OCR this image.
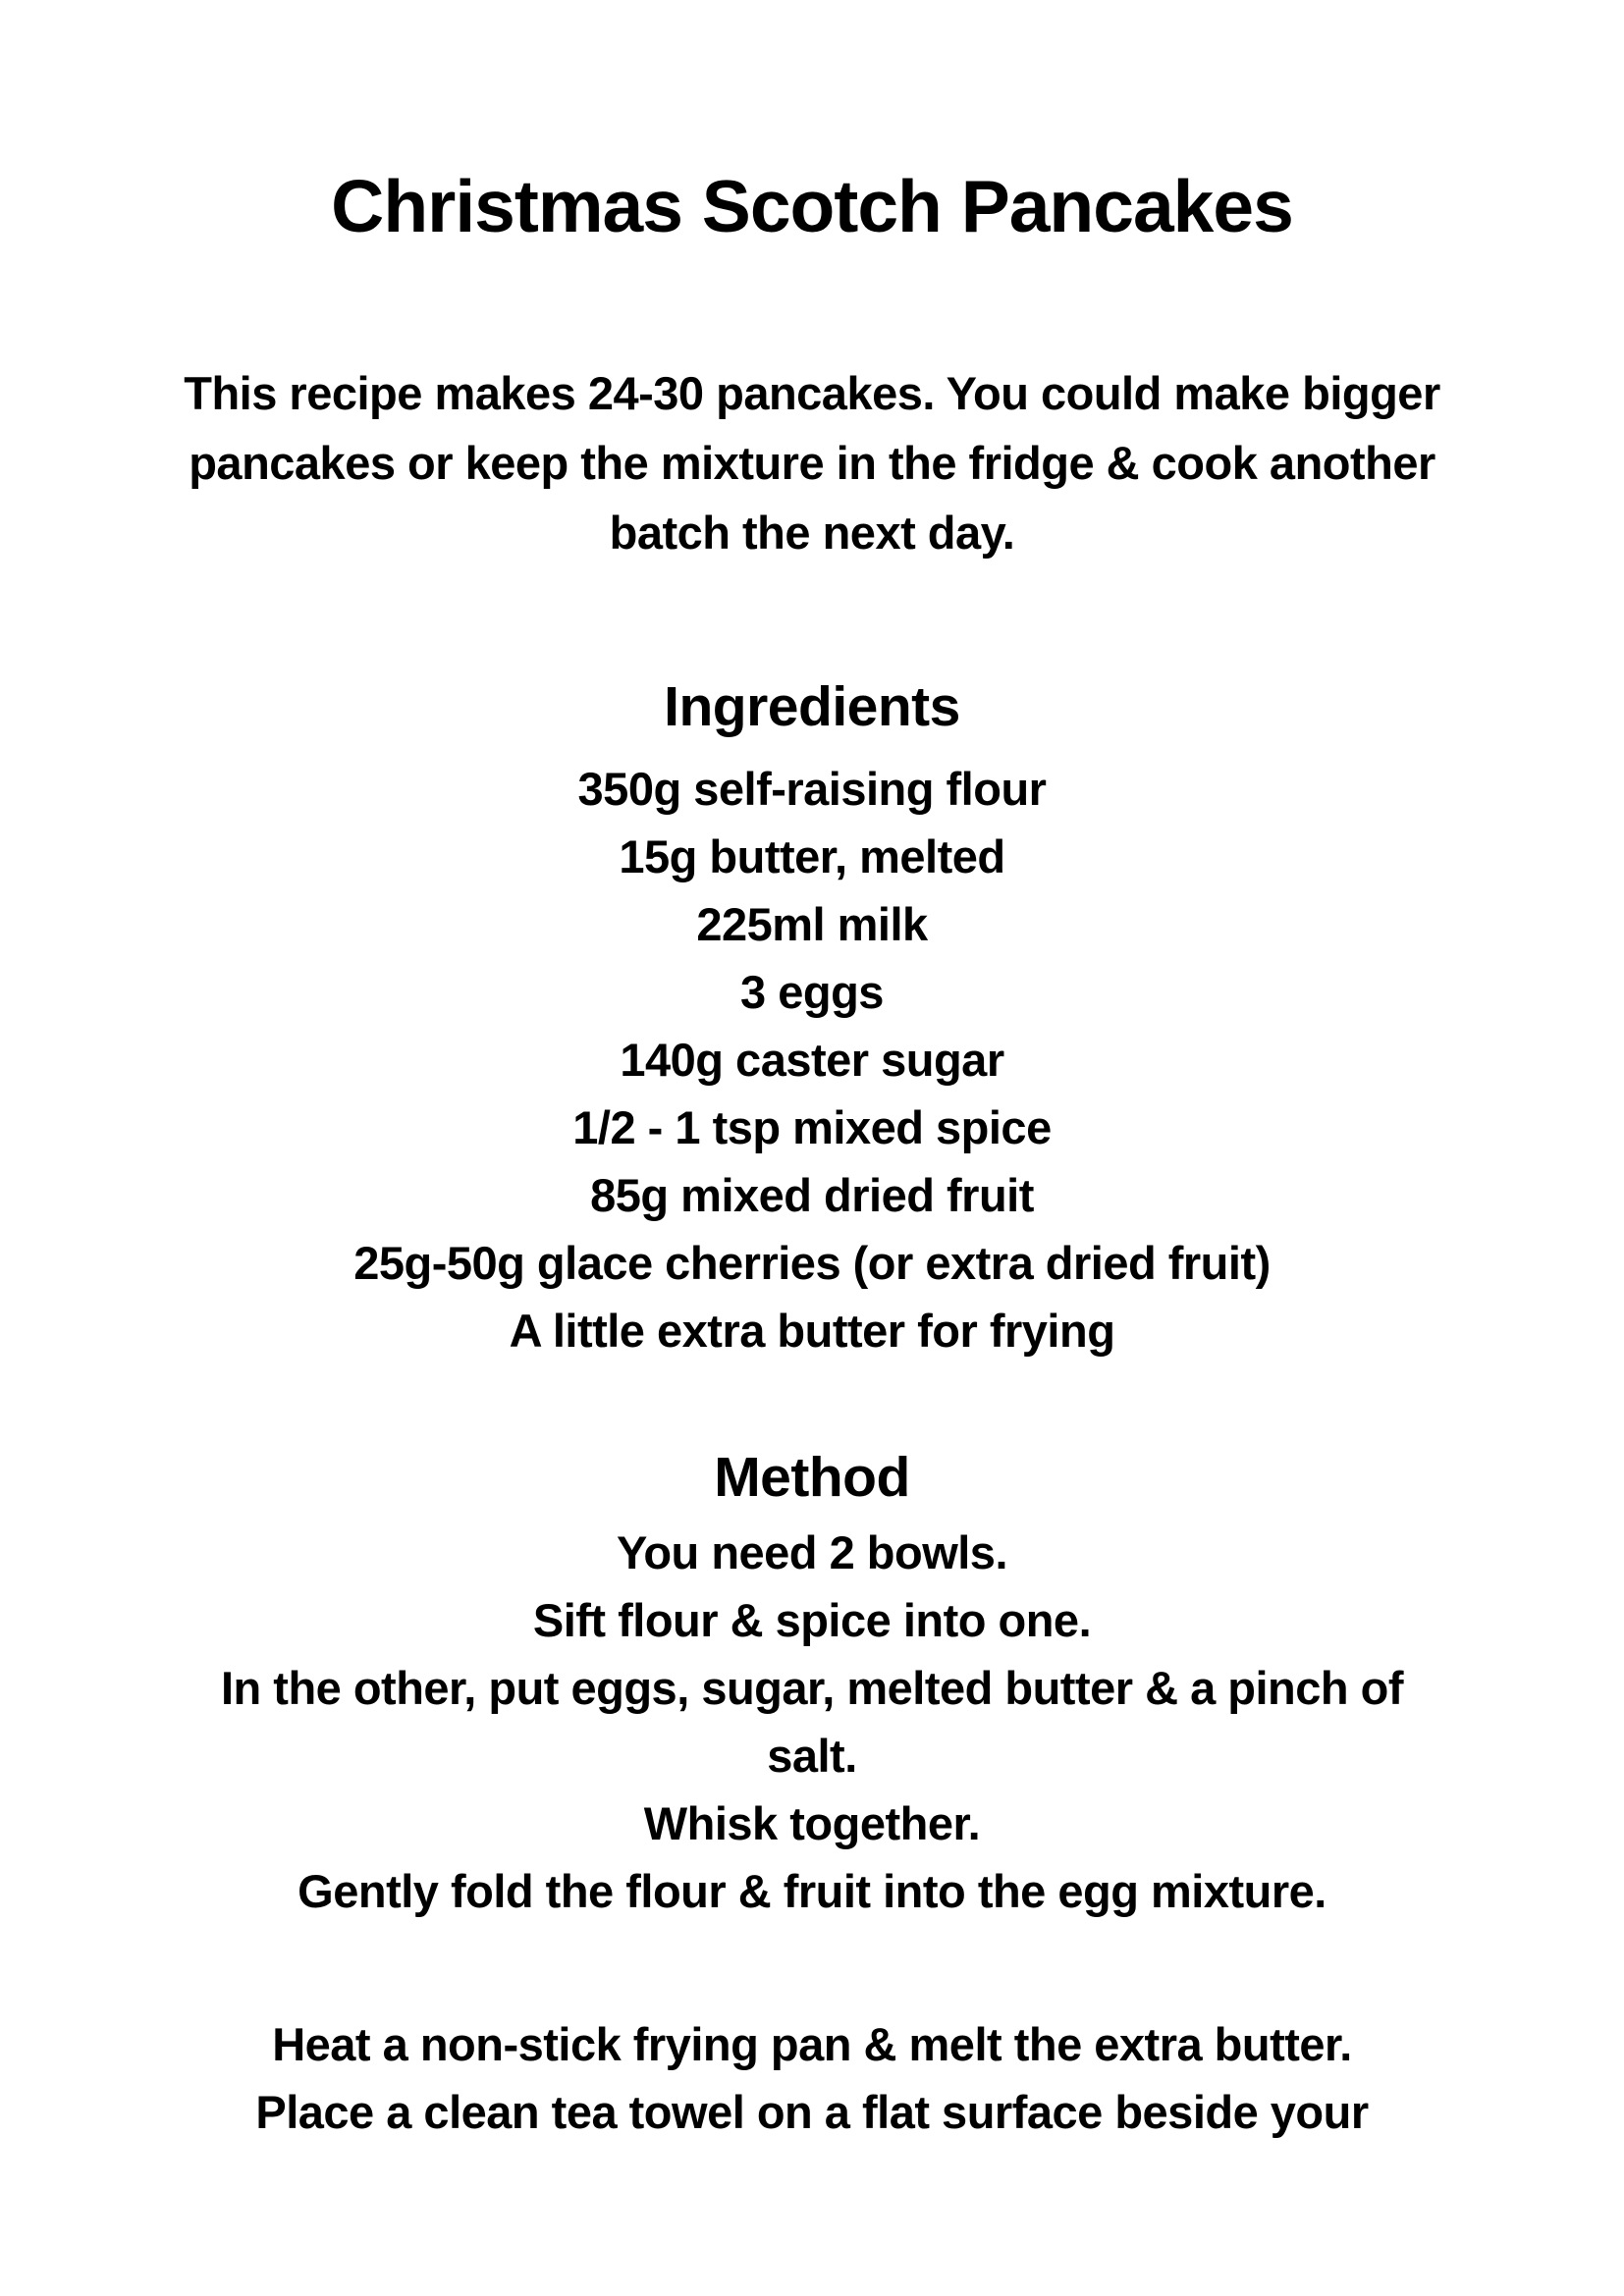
Christmas Scotch Pancakes

This recipe makes 24-30 pancakes. You could make bigger
pancakes or keep the mixture in the fridge & cook another
batch the next day.

Ingredients
350g self-raising flour
15g butter, melted
225ml milk
3 eggs
140g caster sugar
1/2 - 1 tsp mixed spice
85g mixed dried fruit
25g-50g glace cherries (or extra dried fruit)
A little extra butter for frying
Method
You need 2 bowls.
Sift flour & spice into one.
In the other, put eggs, sugar, melted butter & a pinch of
salt.
Whisk together.
Gently fold the flour & fruit into the egg mixture.
Heat a non-stick frying pan & melt the extra butter.
Place a clean tea towel on a flat surface beside your
